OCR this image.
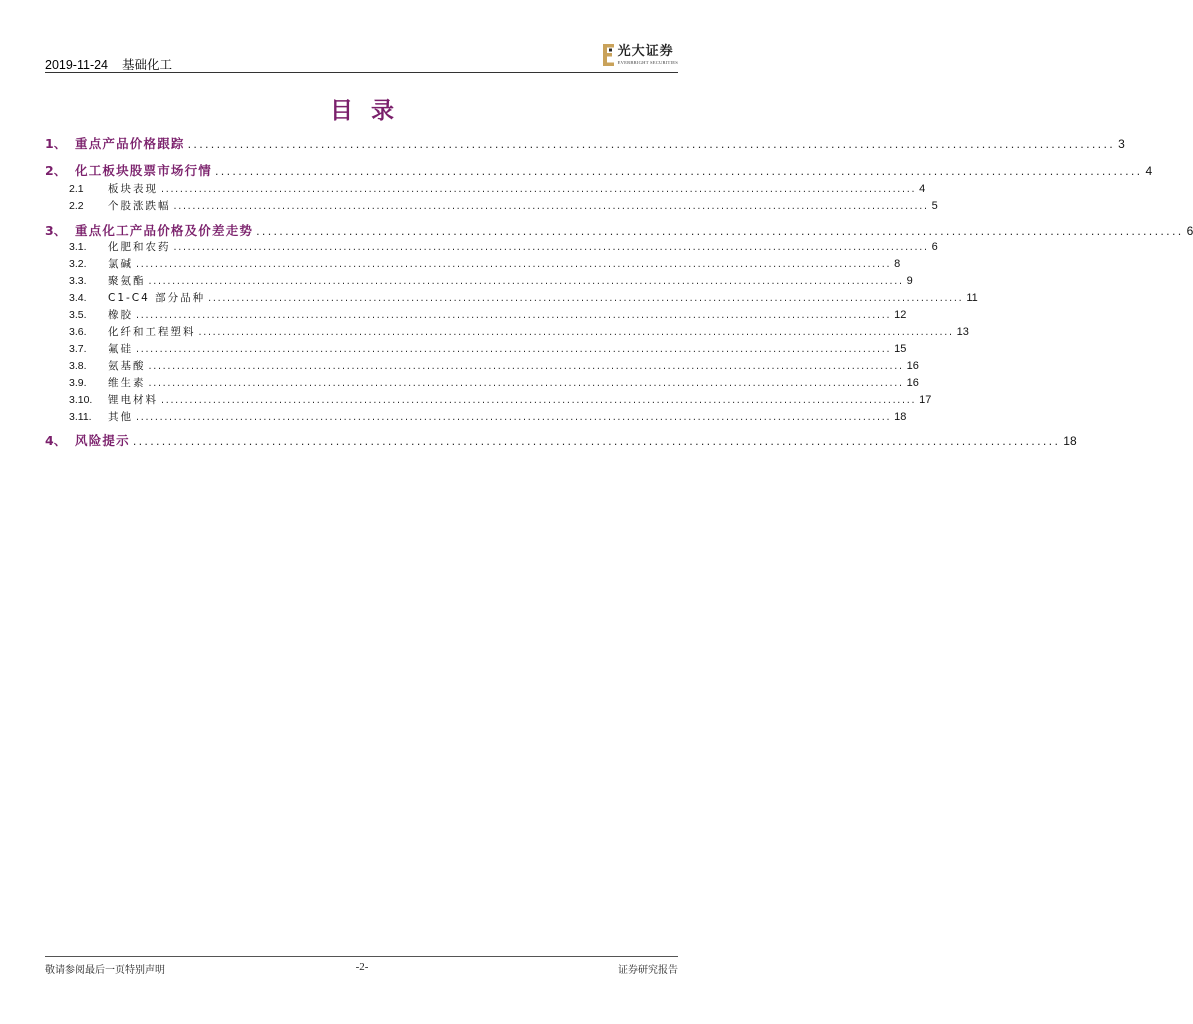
2019-11-24 基础化工
光大证券
EVERBRIGHT SECURITIES
目录
1、 重点产品价格跟踪 ................................................................................................................................................................ 3
2、 化工板块股票市场行情 ................................................................................................................................................................ 4
2.1	板块表现 ................................................................................................................................................................ 4
2.2	个股涨跌幅 ................................................................................................................................................................ 5
3、 重点化工产品价格及价差走势 ................................................................................................................................................................ 6
3.1.	化肥和农药 ................................................................................................................................................................ 6
3.2.	氯碱 ................................................................................................................................................................ 8
3.3.	聚氨酯 ................................................................................................................................................................ 9
3.4.	C1-C4 部分品种 ................................................................................................................................................................ 11
3.5.	橡胶 ................................................................................................................................................................ 12
3.6.	化纤和工程塑料 ................................................................................................................................................................ 13
3.7.	氟硅 ................................................................................................................................................................ 15
3.8.	氨基酸 ................................................................................................................................................................ 16
3.9.	维生素 ................................................................................................................................................................ 16
3.10.	锂电材料 ................................................................................................................................................................ 17
3.11.	其他 ................................................................................................................................................................ 18
4、 风险提示 ................................................................................................................................................................ 18
敬请参阅最后一页特别声明	-2-	证券研究报告
